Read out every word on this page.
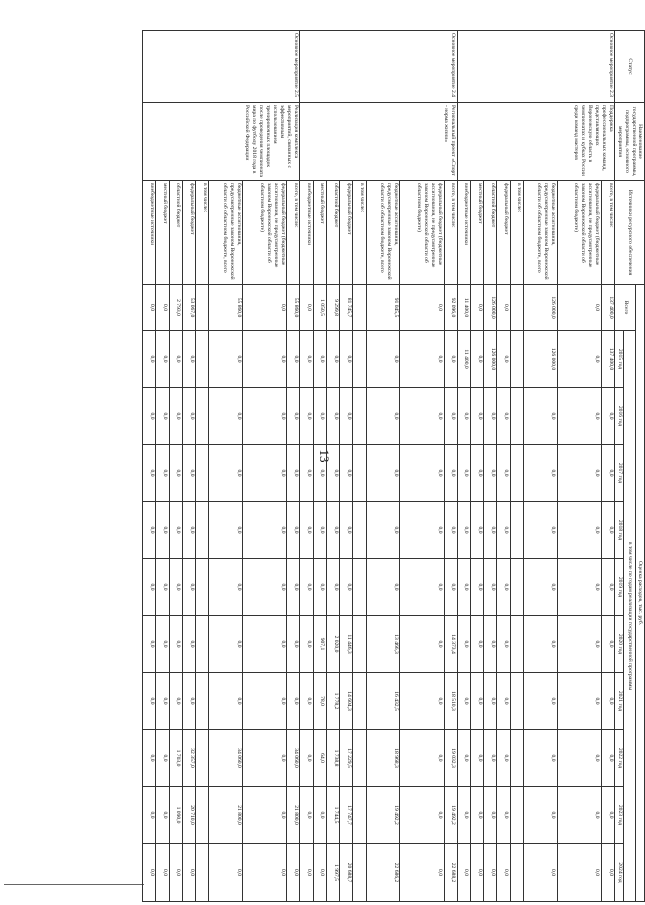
13
Статус	Наименование государственной программы, подпрограммы, основного мероприятия	Источники ресурсного обеспечения	Оценка расходов, тыс. руб.										
			Всего	в том числе по годам реализации государственной программы									
				2015 год	2016 год	2017 год	2018 год	2019 год	2020 год	2021 год	2022 год	2023 год	2024 год
Основное мероприятие 2.3	Поддержка профессиональных команд, представляющих Воронежскую область в чемпионатах и кубках России среди команд мастеров	всего, в том числе:	137 400,0	137 400,0	0,0	0,0	0,0	0,0	0,0	0,0	0,0	0,0	0,0
		федеральный бюджет (бюджетные ассигнования, не предусмотренные законом Воронежской области об областном бюджете)	0,0	0,0	0,0	0,0	0,0	0,0	0,0	0,0	0,0	0,0	0,0
		бюджетные ассигнования, предусмотренные законом Воронежской области об областном бюджете, всего	126 000,0	126 000,0	0,0	0,0	0,0	0,0	0,0	0,0	0,0	0,0	0,0
		в том числе:											
		федеральный бюджет	0,0	0,0	0,0	0,0	0,0	0,0	0,0	0,0	0,0	0,0	0,0
		областной бюджет	126 000,0	126 000,0	0,0	0,0	0,0	0,0	0,0	0,0	0,0	0,0	0,0
		местный бюджет	0,0	0,0	0,0	0,0	0,0	0,0	0,0	0,0	0,0	0,0	0,0
		внебюджетные источники	11 400,0	11 400,0	0,0	0,0	0,0	0,0	0,0	0,0	0,0	0,0	0,0
Основное мероприятие 2.4	Региональный проект «Спорт - норма жизни»	всего, в том числе:	92 096,0	0,0	0,0	0,0	0,0	0,0	14 373,4	18 510,3	19 032,3	19 492,2	22 688,2
		федеральный бюджет (бюджетные ассигнования, не предусмотренные законом Воронежской области об областном бюджете)	0,0	0,0	0,0	0,0	0,0	0,0	0,0	0,0	0,0	0,0	0,0
		бюджетные ассигнования, предусмотренные законом Воронежской области об областном бюджете, всего	91 045,5	0,0	0,0	0,0	0,0	0,0	13 466,3	16 432,5	18 968,3	19 492,2	22 686,2
		в том числе:											
		федеральный бюджет	81 745,7	0,0	0,0	0,0	0,0	0,0	11 446,3	14 604,3	17 229,5	17 747,7	20 688,7
		областной бюджет	9 299,8	0,0	0,0	0,0	0,0	0,0	2 020,0	1 778,2	1 738,8	1 744,5	1 997,5
		местный бюджет	1 050,5	0,0	0,0	0,0	0,0	0,0	907,1	78,0	64,0	0,0	0,0
		внебюджетные источники	0,0	0,0	0,0	0,0	0,0	0,0	0,0	0,0	0,0	0,0	0,0
Основное мероприятие 2.5	Реализация комплекса мероприятий, связанных с эффективным использованием тренировочных площадок после проведения чемпионата мира по футболу 2018 года в Российской Федерации	всего, в том числе:	55 860,0	0,0	0,0	0,0	0,0	0,0	0,0	0,0	34 060,0	21 800,0	0,0
		федеральный бюджет (бюджетные ассигнования, не предусмотренные законом Воронежской области об областном бюджете)	0,0	0,0	0,0	0,0	0,0	0,0	0,0	0,0	0,0	0,0	0,0
		бюджетные ассигнования, предусмотренные законом Воронежской области об областном бюджете, всего	55 860,0	0,0	0,0	0,0	0,0	0,0	0,0	0,0	34 060,0	21 800,0	0,0
		в том числе:											
		федеральный бюджет	53 067,0	0,0	0,0	0,0	0,0	0,0	0,0	0,0	32 357,0	20 710,0	0,0
		областной бюджет	2 793,0	0,0	0,0	0,0	0,0	0,0	0,0	0,0	1 703,0	1 090,0	0,0
		местный бюджет	0,0	0,0	0,0	0,0	0,0	0,0	0,0	0,0	0,0	0,0	0,0
		внебюджетные источники	0,0	0,0	0,0	0,0	0,0	0,0	0,0	0,0	0,0	0,0	0,0
